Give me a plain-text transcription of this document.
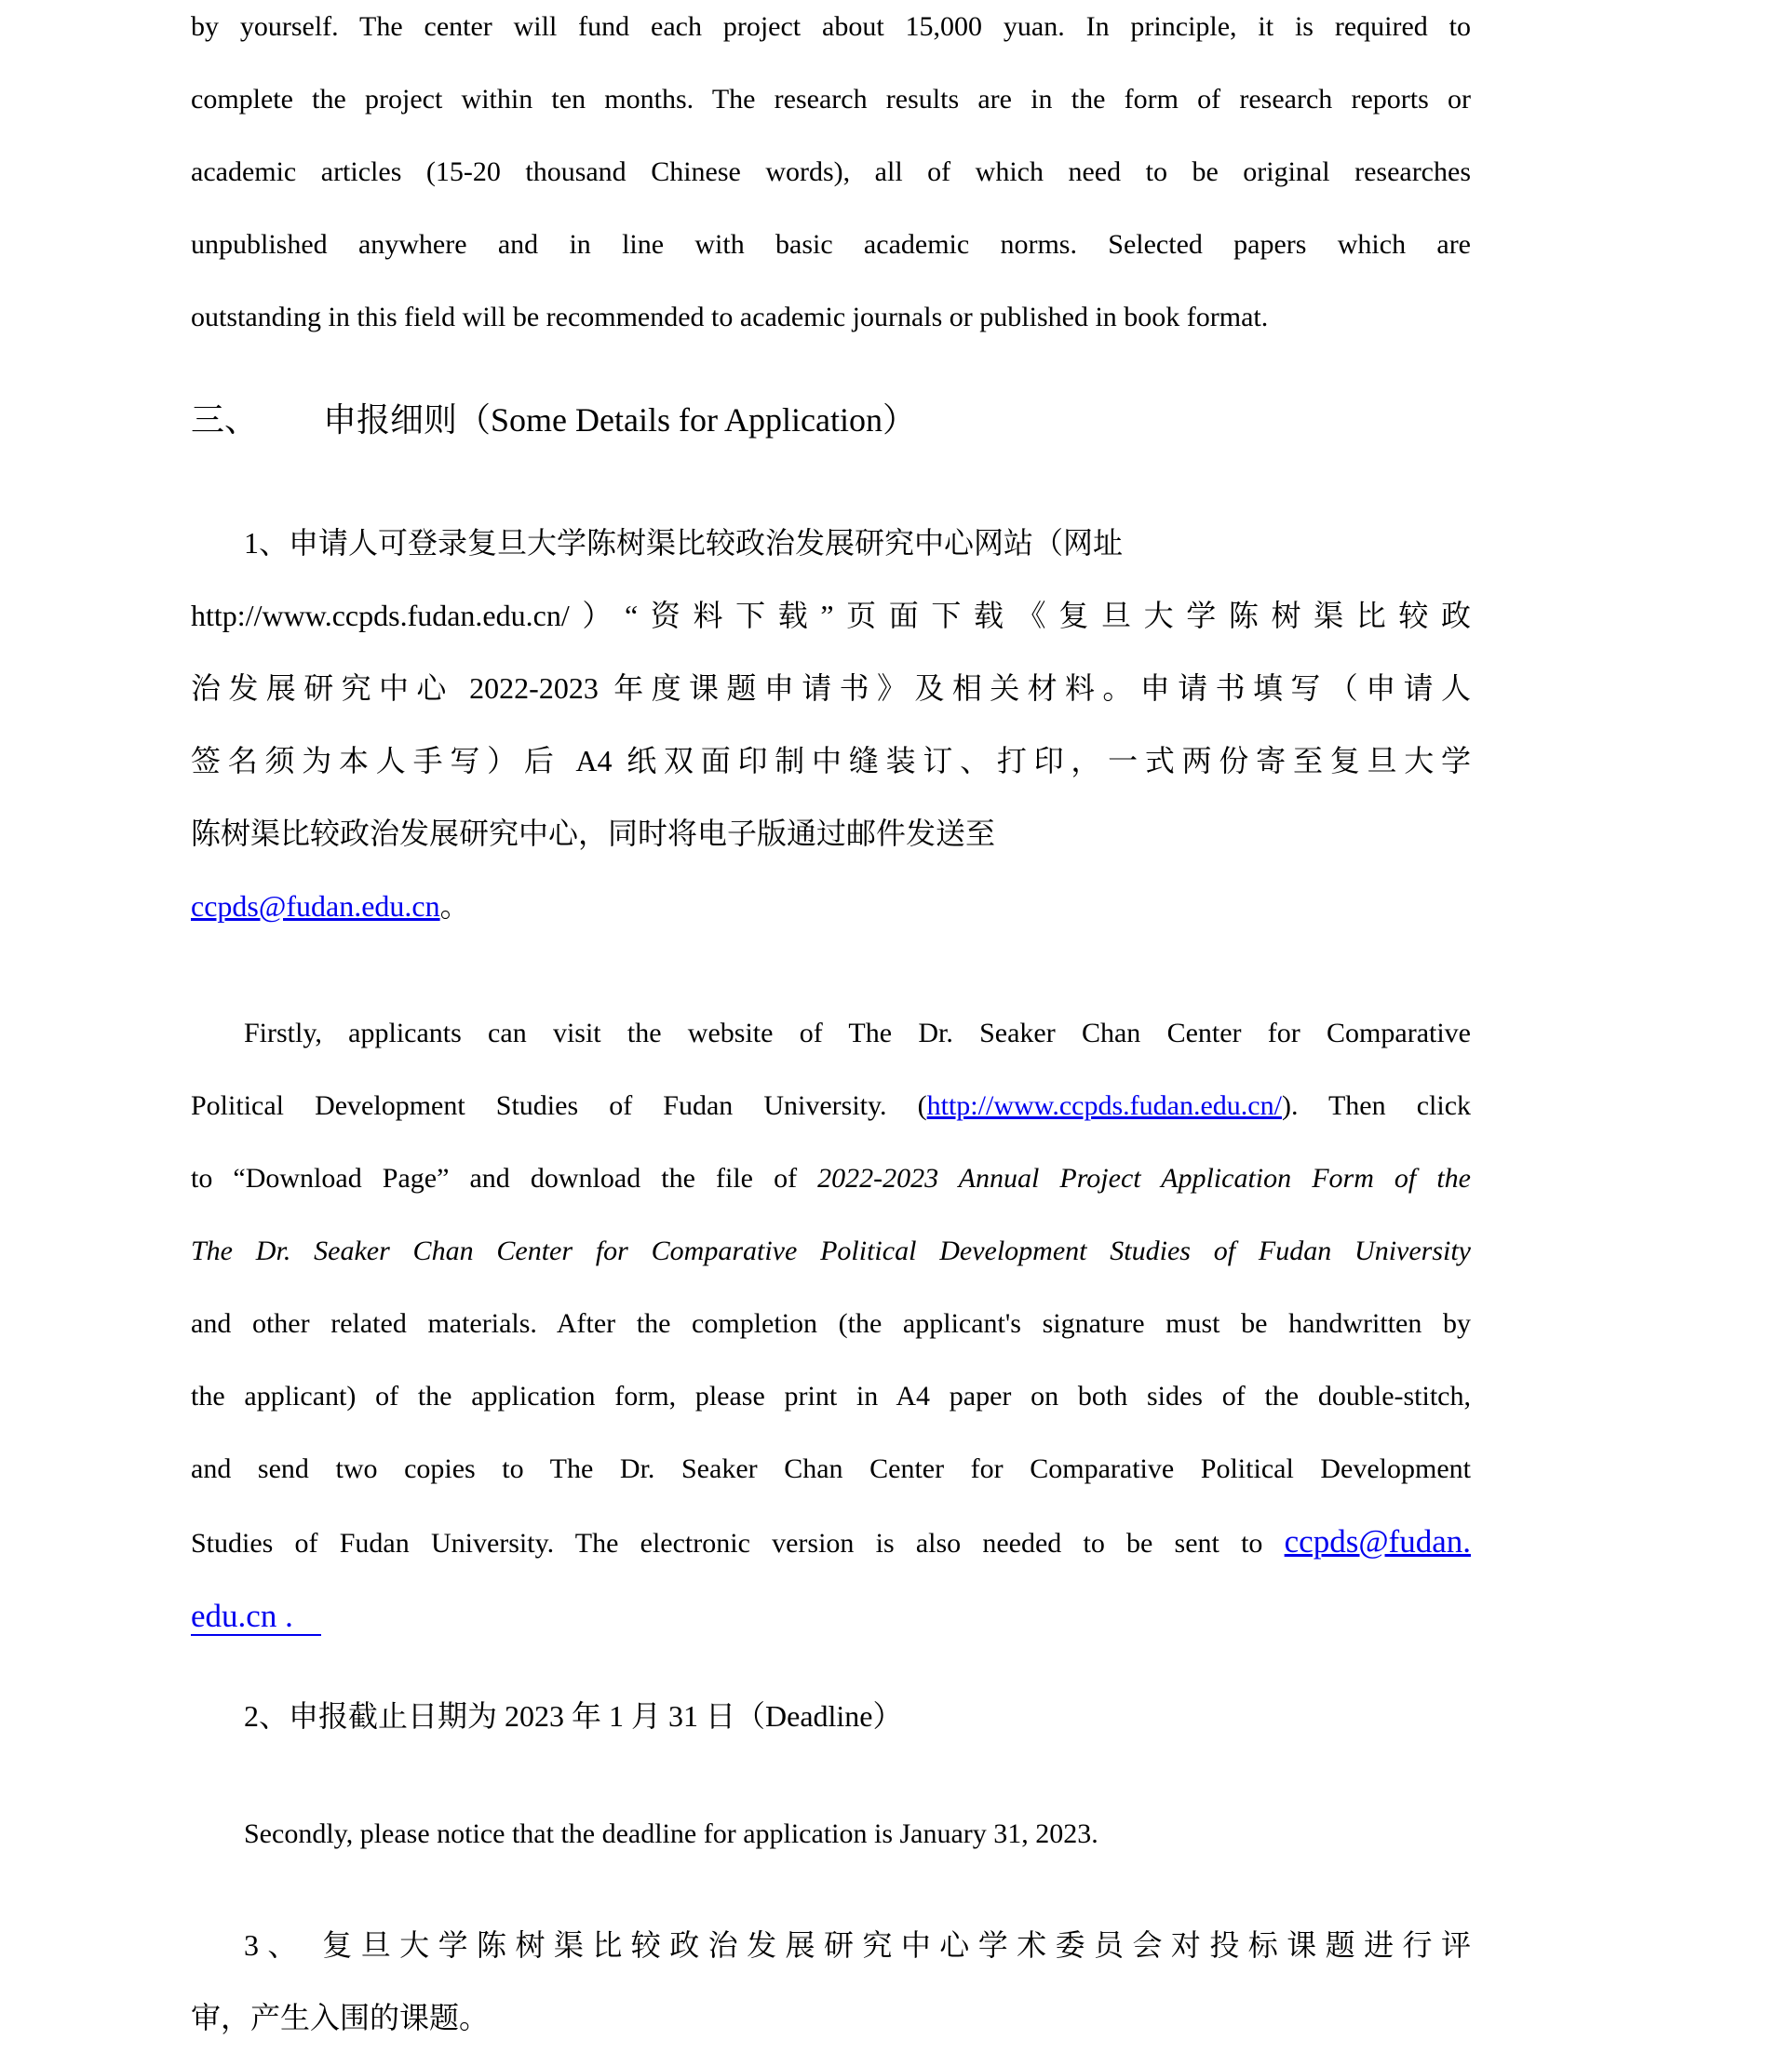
by yourself. The center will fund each project about 15,000 yuan. In principle, it is required to
complete the project within ten months. The research results are in the form of research reports or
academic articles (15-20 thousand Chinese words), all of which need to be original researches
unpublished anywhere and in line with basic academic norms. Selected papers which are
outstanding in this field will be recommended to academic journals or published in book format.
三、 申报细则（Some Details for Application）
1、申请人可登录复旦大学陈树渠比较政治发展研究中心网站（网址
http://www.ccpds.fudan.edu.cn/）“资料下载”页面下载《复旦大学陈树渠比较政
治发展研究中心 2022-2023 年度课题申请书》及相关材料。申请书填写（申请人
签名须为本人手写）后 A4 纸双面印制中缝装订、打印，一式两份寄至复旦大学
陈树渠比较政治发展研究中心，同时将电子版通过邮件发送至
ccpds@fudan.edu.cn。
Firstly, applicants can visit the website of The Dr. Seaker Chan Center for Comparative
Political Development Studies of Fudan University. (http://www.ccpds.fudan.edu.cn/). Then click
to “Download Page” and download the file of 2022-2023 Annual Project Application Form of the
The Dr. Seaker Chan Center for Comparative Political Development Studies of Fudan University
and other related materials. After the completion (the applicant's signature must be handwritten by
the applicant) of the application form, please print in A4 paper on both sides of the double-stitch,
and send two copies to The Dr. Seaker Chan Center for Comparative Political Development
Studies of Fudan University. The electronic version is also needed to be sent to ccpds@fudan.
edu.cn .
2、申报截止日期为 2023 年 1 月 31 日（Deadline）
Secondly, please notice that the deadline for application is January 31, 2023.
3、 复旦大学陈树渠比较政治发展研究中心学术委员会对投标课题进行评
审，产生入围的课题。
